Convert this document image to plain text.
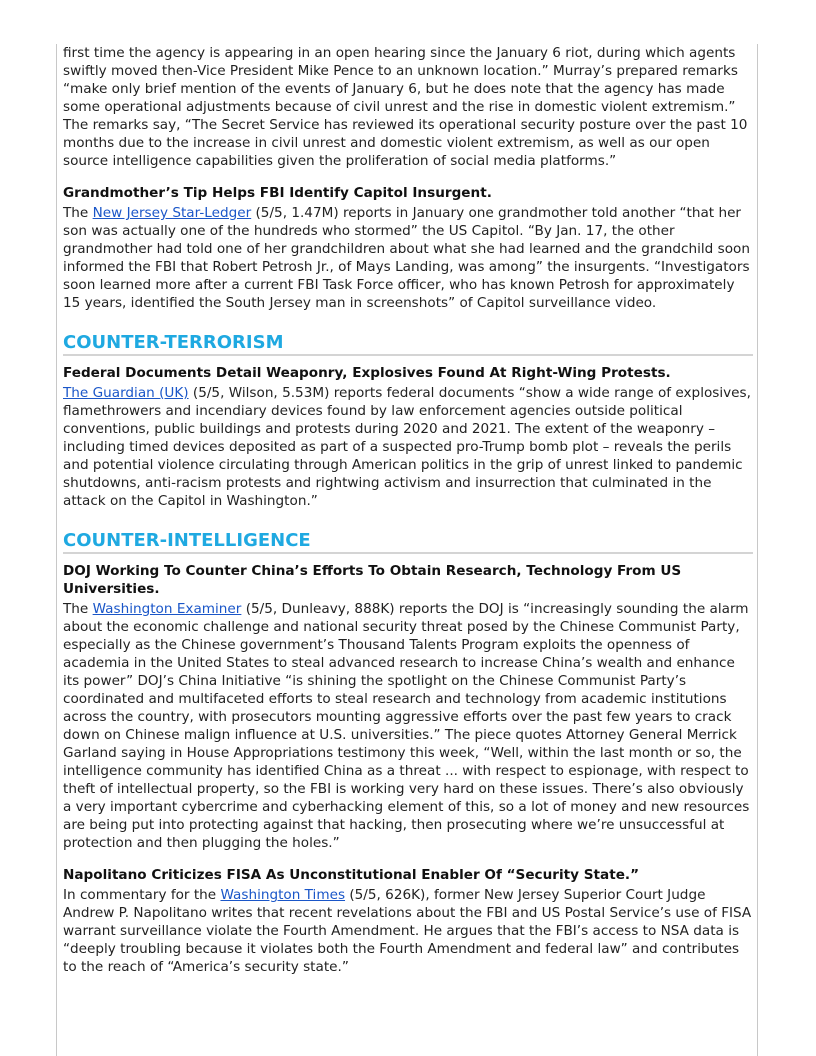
first time the agency is appearing in an open hearing since the January 6 riot, during which agents swiftly moved then-Vice President Mike Pence to an unknown location.” Murray’s prepared remarks “make only brief mention of the events of January 6, but he does note that the agency has made some operational adjustments because of civil unrest and the rise in domestic violent extremism.” The remarks say, “The Secret Service has reviewed its operational security posture over the past 10 months due to the increase in civil unrest and domestic violent extremism, as well as our open source intelligence capabilities given the proliferation of social media platforms.”

Grandmother’s Tip Helps FBI Identify Capitol Insurgent.

The New Jersey Star-Ledger (5/5, 1.47M) reports in January one grandmother told another “that her son was actually one of the hundreds who stormed” the US Capitol. “By Jan. 17, the other grandmother had told one of her grandchildren about what she had learned and the grandchild soon informed the FBI that Robert Petrosh Jr., of Mays Landing, was among” the insurgents. “Investigators soon learned more after a current FBI Task Force officer, who has known Petrosh for approximately 15 years, identified the South Jersey man in screenshots” of Capitol surveillance video.

COUNTER-TERRORISM
Federal Documents Detail Weaponry, Explosives Found At Right-Wing Protests.

The Guardian (UK) (5/5, Wilson, 5.53M) reports federal documents “show a wide range of explosives, flamethrowers and incendiary devices found by law enforcement agencies outside political conventions, public buildings and protests during 2020 and 2021. The extent of the weaponry – including timed devices deposited as part of a suspected pro-Trump bomb plot – reveals the perils and potential violence circulating through American politics in the grip of unrest linked to pandemic shutdowns, anti-racism protests and rightwing activism and insurrection that culminated in the attack on the Capitol in Washington.”

COUNTER-INTELLIGENCE
DOJ Working To Counter China’s Efforts To Obtain Research, Technology From US Universities.

The Washington Examiner (5/5, Dunleavy, 888K) reports the DOJ is “increasingly sounding the alarm about the economic challenge and national security threat posed by the Chinese Communist Party, especially as the Chinese government’s Thousand Talents Program exploits the openness of academia in the United States to steal advanced research to increase China’s wealth and enhance its power” DOJ’s China Initiative “is shining the spotlight on the Chinese Communist Party’s coordinated and multifaceted efforts to steal research and technology from academic institutions across the country, with prosecutors mounting aggressive efforts over the past few years to crack down on Chinese malign influence at U.S. universities.” The piece quotes Attorney General Merrick Garland saying in House Appropriations testimony this week, “Well, within the last month or so, the intelligence community has identified China as a threat ... with respect to espionage, with respect to theft of intellectual property, so the FBI is working very hard on these issues. There’s also obviously a very important cybercrime and cyberhacking element of this, so a lot of money and new resources are being put into protecting against that hacking, then prosecuting where we’re unsuccessful at protection and then plugging the holes.”

Napolitano Criticizes FISA As Unconstitutional Enabler Of “Security State.”

In commentary for the Washington Times (5/5, 626K), former New Jersey Superior Court Judge Andrew P. Napolitano writes that recent revelations about the FBI and US Postal Service’s use of FISA warrant surveillance violate the Fourth Amendment. He argues that the FBI’s access to NSA data is “deeply troubling because it violates both the Fourth Amendment and federal law” and contributes to the reach of “America’s security state.”
